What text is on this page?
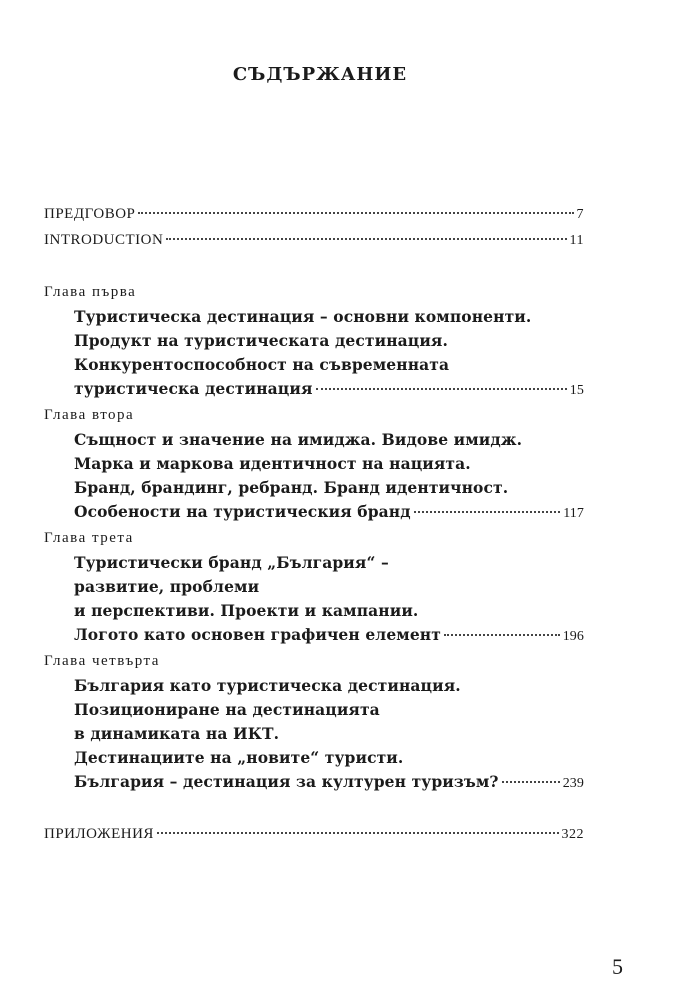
СЪДЪРЖАНИЕ
ПРЕДГОВОР	7
INTRODUCTION	11
Глава първа
Туристическа дестинация – основни компоненти.
Продукт на туристическата дестинация.
Конкурентоспособност на съвременната
туристическа дестинация	15
Глава втора
Същност и значение на имиджа. Видове имидж.
Марка и маркова идентичност на нацията.
Бранд, брандинг, ребранд. Бранд идентичност.
Особености на туристическия бранд	117
Глава трета
Туристически бранд „България“ –
развитие, проблеми
и перспективи. Проекти и кампании.
Логото като основен графичен елемент	196
Глава четвърта
България като туристическа дестинация.
Позициониране на дестинацията
в динамиката на ИКТ.
Дестинациите на „новите“ туристи.
България – дестинация за културен туризъм?	239
ПРИЛОЖЕНИЯ	322
5
